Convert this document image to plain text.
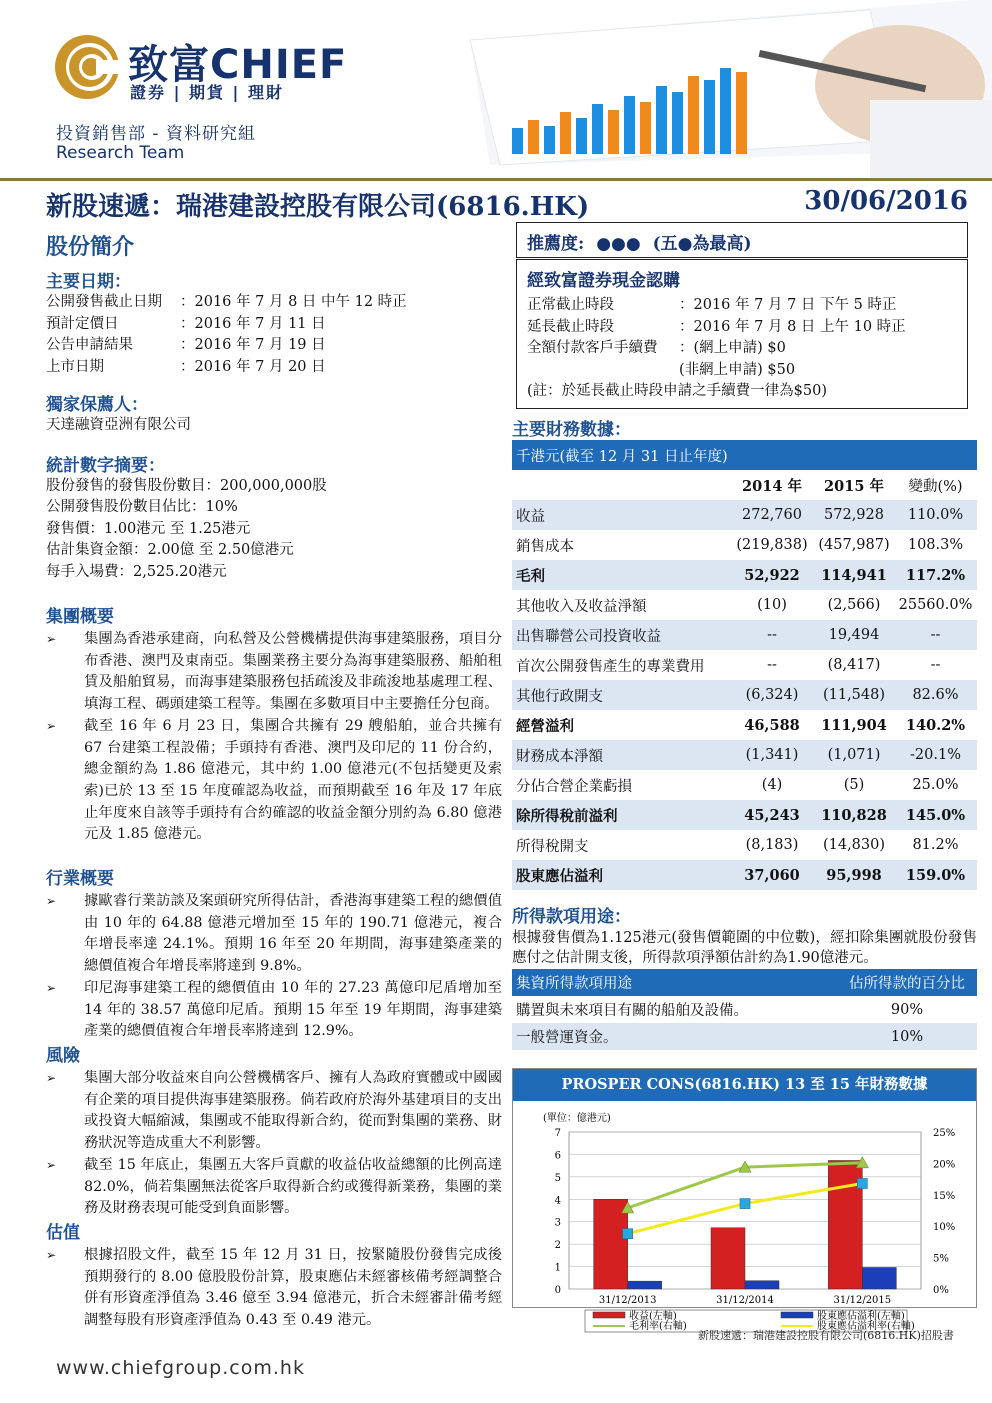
致富CHIEF
證券 | 期貨 | 理財
投資銷售部 - 資料研究組
Research Team
新股速遞：瑞港建設控股有限公司(6816.HK)	30/06/2016
股份簡介
主要日期：
公開發售截止日期	：2016 年 7 月 8 日 中午 12 時正
預計定價日	：2016 年 7 月 11 日
公告申請結果	：2016 年 7 月 19 日
上市日期	：2016 年 7 月 20 日
獨家保薦人：
天達融資亞洲有限公司
統計數字摘要：
股份發售的發售股份數目：200,000,000股
公開發售股份數目佔比：10%
發售價：1.00港元 至 1.25港元
估計集資金額：2.00億 至 2.50億港元
每手入場費：2,525.20港元
集團概要
➢ 集團為香港承建商，向私營及公營機構提供海事建築服務，項目分布香港、澳門及東南亞。集團業務主要分為海事建築服務、船舶租賃及船舶貿易，而海事建築服務包括疏浚及非疏浚地基處理工程、填海工程、碼頭建築工程等。集團在多數項目中主要擔任分包商。
➢ 截至 16 年 6 月 23 日，集團合共擁有 29 艘船舶，並合共擁有 67 台建築工程設備；手頭持有香港、澳門及印尼的 11 份合約，總金額約為 1.86 億港元，其中約 1.00 億港元(不包括變更及索索)已於 13 至 15 年度確認為收益，而預期截至 16 年及 17 年底止年度來自該等手頭持有合約確認的收益金額分別約為 6.80 億港元及 1.85 億港元。
行業概要
➢ 據歐睿行業訪談及案頭研究所得估計，香港海事建築工程的總價值由 10 年的 64.88 億港元增加至 15 年的 190.71 億港元，複合年增長率達 24.1%。預期 16 年至 20 年期間，海事建築產業的總價值複合年增長率將達到 9.8%。
➢ 印尼海事建築工程的總價值由 10 年的 27.23 萬億印尼盾增加至 14 年的 38.57 萬億印尼盾。預期 15 年至 19 年期間，海事建築產業的總價值複合年增長率將達到 12.9%。
風險
➢ 集團大部分收益來自向公營機構客戶、擁有人為政府實體或中國國有企業的項目提供海事建築服務。倘若政府於海外基建項目的支出或投資大幅縮減，集團或不能取得新合約，從而對集團的業務、財務狀況等造成重大不利影響。
➢ 截至 15 年底止，集團五大客戶貢獻的收益佔收益總額的比例高達 82.0%，倘若集團無法從客戶取得新合約或獲得新業務，集團的業務及財務表現可能受到負面影響。
估值
➢ 根據招股文件，截至 15 年 12 月 31 日，按緊隨股份發售完成後預期發行的 8.00 億股股份計算，股東應佔未經審核備考經調整合併有形資產淨值為 3.46 億至 3.94 億港元，折合未經審計備考經調整每股有形資產淨值為 0.43 至 0.49 港元。
推薦度: ●●● (五●為最高)
經致富證券現金認購
正常截止時段	：2016 年 7 月 7 日 下午 5 時正
延長截止時段	：2016 年 7 月 8 日 上午 10 時正
全額付款客戶手續費	：(網上申請) $0
(非網上申請) $50
(註：於延長截止時段申請之手續費一律為$50)
主要財務數據：
千港元(截至 12 月 31 日止年度)			
	2014 年	2015 年	變動(%)
收益	272,760	572,928	110.0%
銷售成本	(219,838)	(457,987)	108.3%
毛利	52,922	114,941	117.2%
其他收入及收益淨額	(10)	(2,566)	25560.0%
出售聯營公司投資收益	--	19,494	--
首次公開發售產生的專業費用	--	(8,417)	--
其他行政開支	(6,324)	(11,548)	82.6%
經營溢利	46,588	111,904	140.2%
財務成本淨額	(1,341)	(1,071)	-20.1%
分佔合營企業虧損	(4)	(5)	25.0%
除所得稅前溢利	45,243	110,828	145.0%
所得稅開支	(8,183)	(14,830)	81.2%
股東應佔溢利	37,060	95,998	159.0%
所得款項用途：
根據發售價為1.125港元(發售價範圍的中位數)，經扣除集團就股份發售應付之估計開支後，所得款項淨額估計約為1.90億港元。
集資所得款項用途	佔所得款的百分比
購置與未來項目有關的船舶及設備。	90%
一般營運資金。	10%
PROSPER CONS(6816.HK) 13 至 15 年財務數據
(單位：億港元)
0
1
2
3
4
5
6
7
0%
5%
10%
15%
20%
25%
31/12/2013	31/12/2014	31/12/2015
收益(左軸)	股東應佔溢利(左軸)
毛利率(右軸)	股東應佔溢利率(右軸)
新股速遞：瑞港建設控股有限公司(6816.HK)招股書
www.chiefgroup.com.hk
